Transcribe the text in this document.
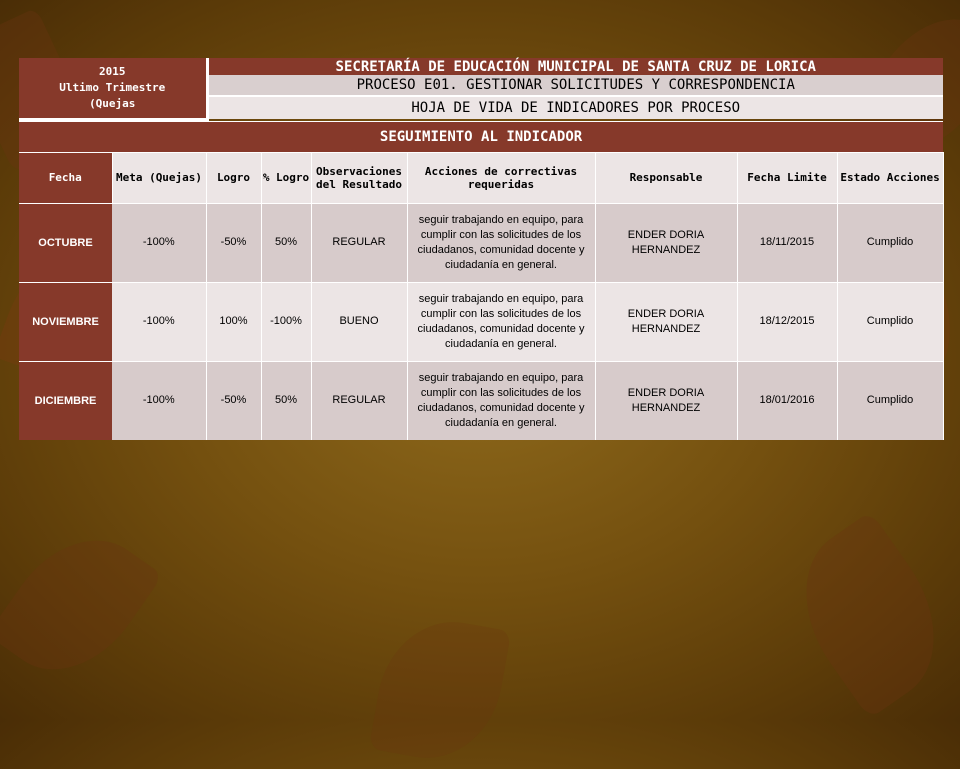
2015
Ultimo Trimestre
(Quejas
	SECRETARÍA DE EDUCACIÓN MUNICIPAL DE SANTA CRUZ DE LORICA
PROCESO E01. GESTIONAR SOLICITUDES Y CORRESPONDENCIA
HOJA DE VIDA DE INDICADORES POR PROCESO
SEGUIMIENTO AL INDICADOR								
Fecha	Meta (Quejas)	Logro	% Logro	Observaciones del Resultado	Acciones de correctivas requeridas	Responsable	Fecha Limite	Estado Acciones
OCTUBRE	-100%	-50%	50%	REGULAR	seguir trabajando en equipo, para cumplir con las solicitudes de los ciudadanos, comunidad docente y ciudadanía en general.	ENDER DORIA HERNANDEZ	18/11/2015	Cumplido
NOVIEMBRE	-100%	100%	-100%	BUENO	seguir trabajando en equipo, para cumplir con las solicitudes de los ciudadanos, comunidad docente y ciudadanía en general.	ENDER DORIA HERNANDEZ	18/12/2015	Cumplido
DICIEMBRE	-100%	-50%	50%	REGULAR	seguir trabajando en equipo, para cumplir con las solicitudes de los ciudadanos, comunidad docente y ciudadanía en general.	ENDER DORIA HERNANDEZ	18/01/2016	Cumplido
